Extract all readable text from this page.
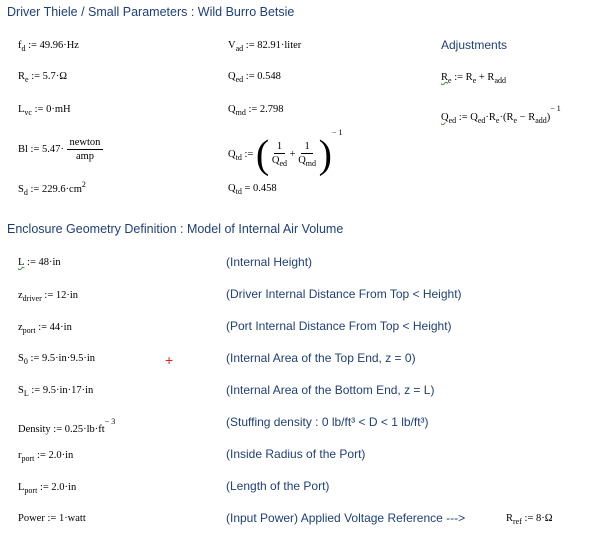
Driver Thiele / Small Parameters : Wild Burro Betsie
$f_d$ := 49.96·Hz
$R_e$ := 5.7·Ω
$L_{vc}$ := 0·mH
Bl := $5.47\cdot \frac{\text{newton}}{\text{amp}}$
$S_d$ := $229.6\cdot cm^2$
$V_{ad}$ := 82.91·liter
$Q_{ed}$ := 0.548
$Q_{md}$ := 2.798
$Q_{td}$ := ( $\frac{1}{Q_{ed}} + \frac{1}{Q_{md}} )^{- 1}$
$Q_{td} = 0.458$
Adjustments
$R_e$ := $R_e + R_{add}$
$Q_{ed}$ := $Q_{ed}\cdot R_e\cdot(R_e - R_{add})^{- 1}$
Enclosure Geometry Definition : Model of Internal Air Volume
L := 48·in	(Internal Height)
$z_{driver}$ := 12·in	(Driver Internal Distance From Top < Height)
$z_{port}$ := 44·in	(Port Internal Distance From Top < Height)
$S_0$ := 9.5·in·9.5·in	+	(Internal Area of the Top End, z = 0)
$S_L$ := 9.5·in·17·in	(Internal Area of the Bottom End, z = L)
Density := $0.25\cdot lb\cdot ft^{- 3}$	(Stuffing density : 0 lb/ft³ < D < 1 lb/ft³)
$r_{port}$ := 2.0·in	(Inside Radius of the Port)
$L_{port}$ := 2.0·in	(Length of the Port)
Power := 1·watt	(Input Power) Applied Voltage Reference --->	$R_{ref}$ := 8·Ω
